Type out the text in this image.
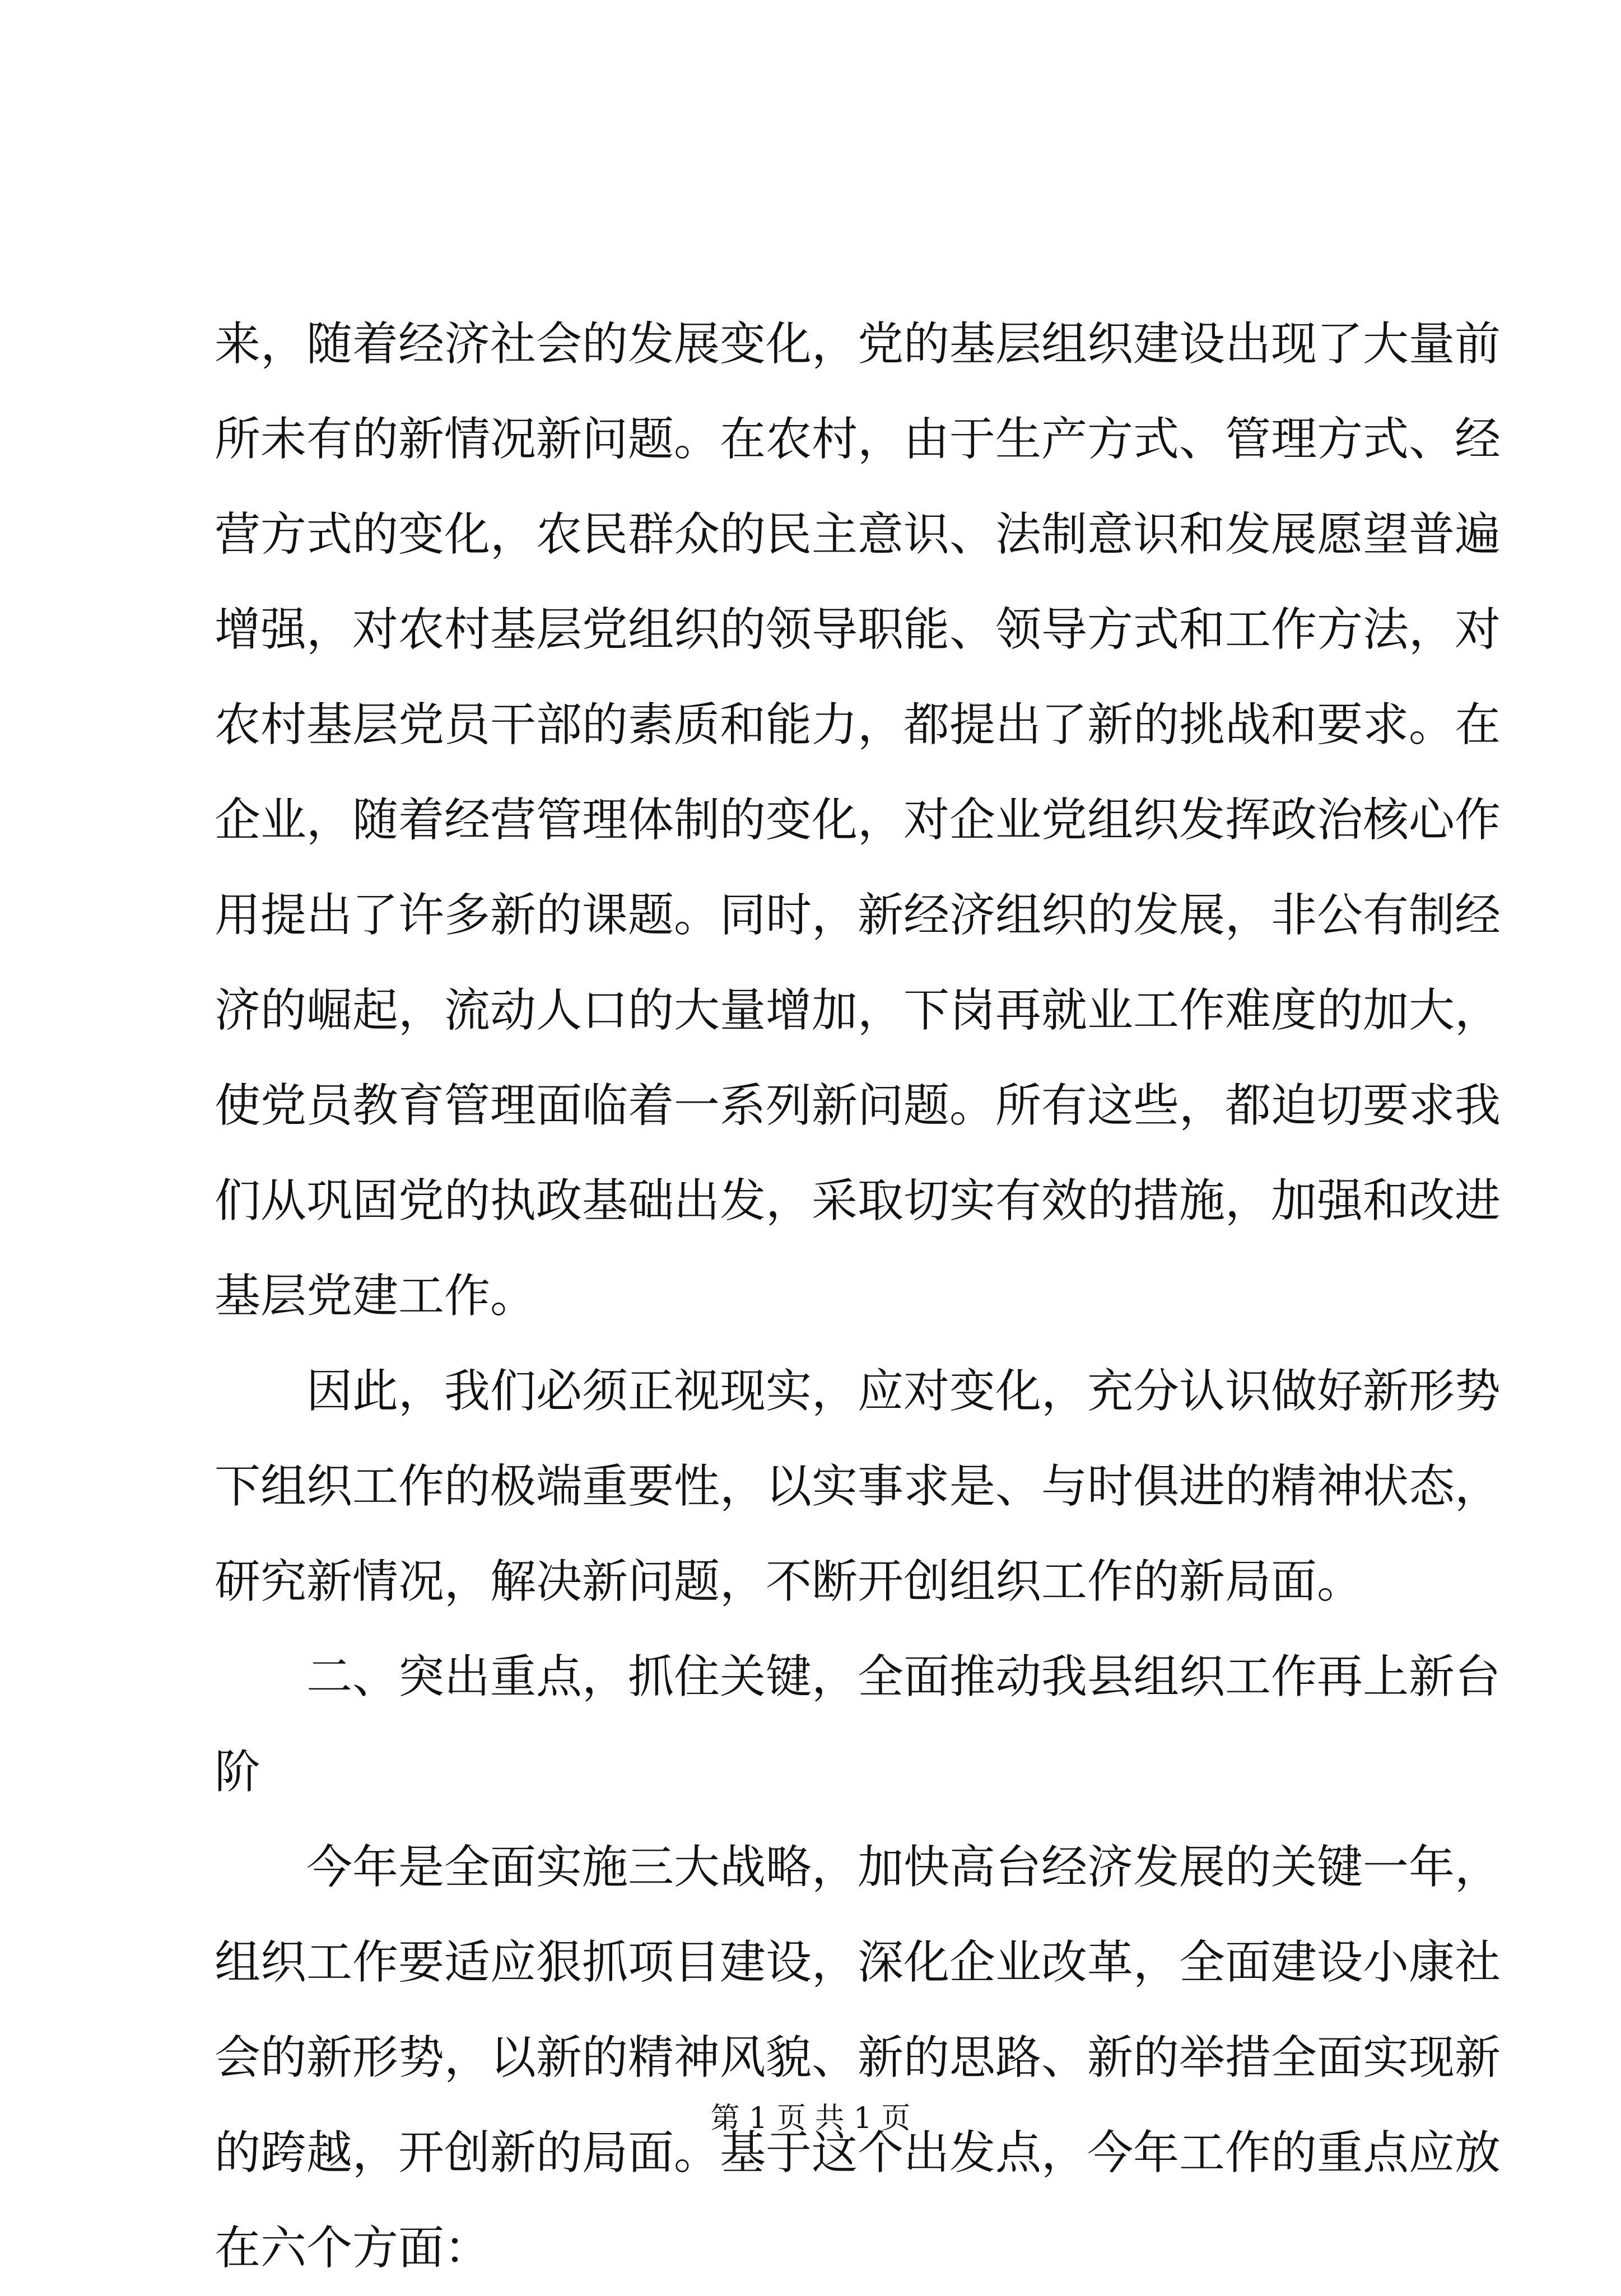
来，随着经济社会的发展变化，党的基层组织建设出现了大量前
所未有的新情况新问题。在农村，由于生产方式、管理方式、经
营方式的变化，农民群众的民主意识、法制意识和发展愿望普遍
增强，对农村基层党组织的领导职能、领导方式和工作方法，对
农村基层党员干部的素质和能力，都提出了新的挑战和要求。在
企业，随着经营管理体制的变化，对企业党组织发挥政治核心作
用提出了许多新的课题。同时，新经济组织的发展，非公有制经
济的崛起，流动人口的大量增加，下岗再就业工作难度的加大，
使党员教育管理面临着一系列新问题。所有这些，都迫切要求我
们从巩固党的执政基础出发，采取切实有效的措施，加强和改进
基层党建工作。
因此，我们必须正视现实，应对变化，充分认识做好新形势
下组织工作的极端重要性，以实事求是、与时俱进的精神状态，
研究新情况，解决新问题，不断开创组织工作的新局面。
二、突出重点，抓住关键，全面推动我县组织工作再上新台
阶
今年是全面实施三大战略，加快高台经济发展的关键一年，
组织工作要适应狠抓项目建设，深化企业改革，全面建设小康社
会的新形势，以新的精神风貌、新的思路、新的举措全面实现新
的跨越，开创新的局面。基于这个出发点，今年工作的重点应放
在六个方面：
第 1 页 共 1 页
